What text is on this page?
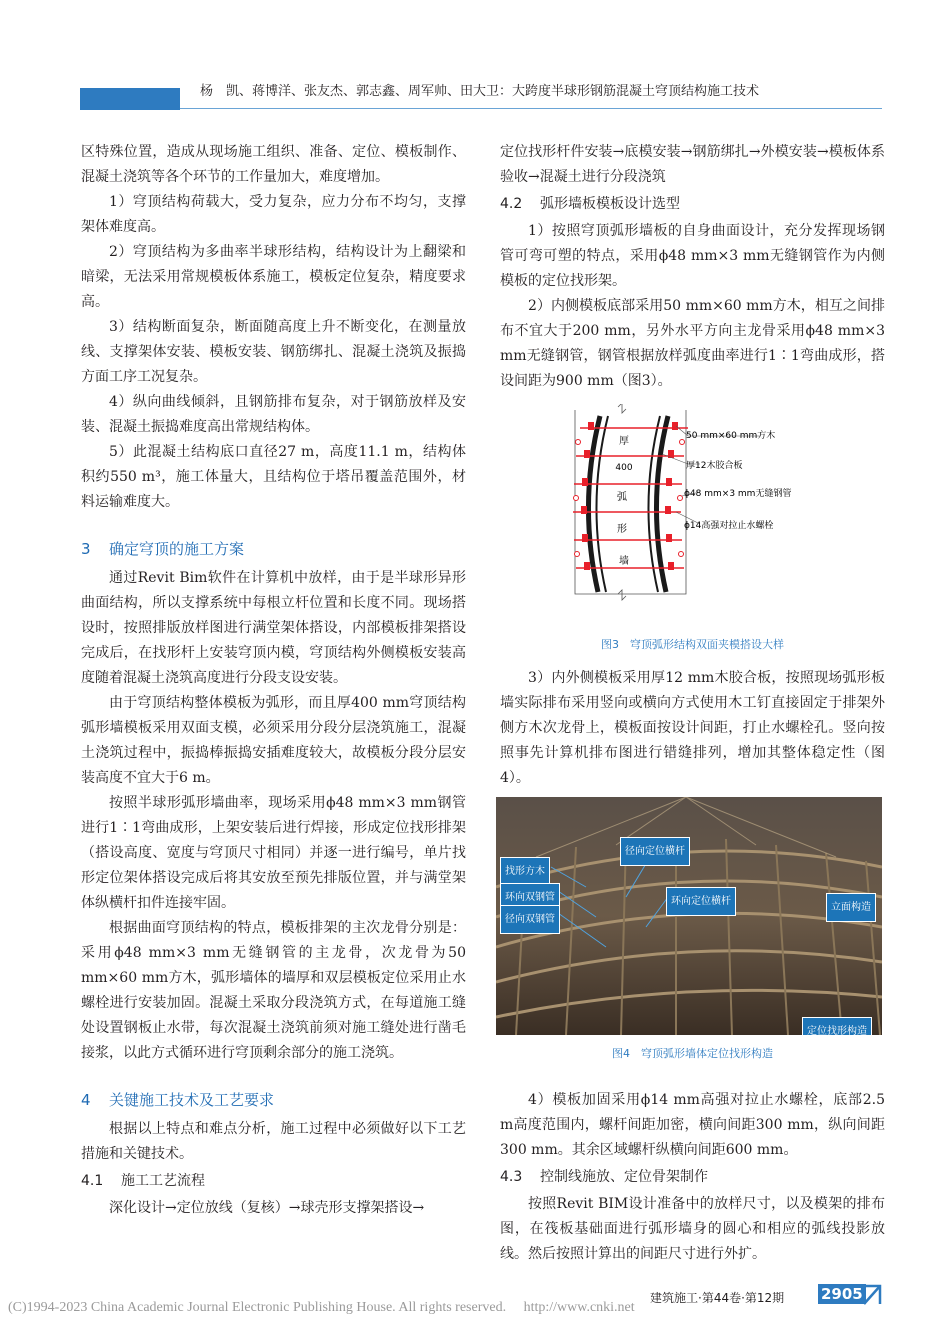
杨　凯、蒋博洋、张友杰、郭志鑫、周军帅、田大卫：大跨度半球形钢筋混凝土穹顶结构施工技术

区特殊位置，造成从现场施工组织、准备、定位、模板制作、混凝土浇筑等各个环节的工作量加大，难度增加。

1）穹顶结构荷载大，受力复杂，应力分布不均匀，支撑架体难度高。

2）穹顶结构为多曲率半球形结构，结构设计为上翻梁和暗梁，无法采用常规模板体系施工，模板定位复杂，精度要求高。

3）结构断面复杂，断面随高度上升不断变化，在测量放线、支撑架体安装、模板安装、钢筋绑扎、混凝土浇筑及振捣方面工序工况复杂。

4）纵向曲线倾斜，且钢筋排布复杂，对于钢筋放样及安装、混凝土振捣难度高出常规结构体。

5）此混凝土结构底口直径27 m，高度11.1 m，结构体积约550 m³，施工体量大，且结构位于塔吊覆盖范围外，材料运输难度大。

3 确定穹顶的施工方案

通过Revit Bim软件在计算机中放样，由于是半球形异形曲面结构，所以支撑系统中每根立杆位置和长度不同。现场搭设时，按照排版放样图进行满堂架体搭设，内部模板排架搭设完成后，在找形杆上安装穹顶内模，穹顶结构外侧模板安装高度随着混凝土浇筑高度进行分段支设安装。

由于穹顶结构整体模板为弧形，而且厚400 mm穹顶结构弧形墙模板采用双面支模，必须采用分段分层浇筑施工，混凝土浇筑过程中，振捣棒振捣安插难度较大，故模板分段分层安装高度不宜大于6 m。

按照半球形弧形墙曲率，现场采用ϕ48 mm×3 mm钢管进行1∶1弯曲成形，上架安装后进行焊接，形成定位找形排架（搭设高度、宽度与穹顶尺寸相同）并逐一进行编号，单片找形定位架体搭设完成后将其安放至预先排版位置，并与满堂架体纵横杆扣件连接牢固。

根据曲面穹顶结构的特点，模板排架的主次龙骨分别是：采用ϕ48 mm×3 mm无缝钢管的主龙骨，次龙骨为50 mm×60 mm方木，弧形墙体的墙厚和双层模板定位采用止水螺栓进行安装加固。混凝土采取分段浇筑方式，在每道施工缝处设置钢板止水带，每次混凝土浇筑前须对施工缝处进行凿毛接浆，以此方式循环进行穹顶剩余部分的施工浇筑。

4 关键施工技术及工艺要求

根据以上特点和难点分析，施工过程中必须做好以下工艺措施和关键技术。

4.1 施工工艺流程

深化设计→定位放线（复核）→球壳形支撑架搭设→

定位找形杆件安装→底模安装→钢筋绑扎→外模安装→模板体系验收→混凝土进行分段浇筑

4.2 弧形墙板模板设计选型

1）按照穹顶弧形墙板的自身曲面设计，充分发挥现场钢管可弯可塑的特点，采用ϕ48 mm×3 mm无缝钢管作为内侧模板的定位找形架。

2）内侧模板底部采用50 mm×60 mm方木，相互之间排布不宜大于200 mm，另外水平方向主龙骨采用ϕ48 mm×3 mm无缝钢管，钢管根据放样弧度曲率进行1∶1弯曲成形，搭设间距为900 mm（图3）。

厚
400
弧
形
墙
50 mm×60 mm方木
厚12木胶合板
ϕ48 mm×3 mm无缝钢管
ϕ14高强对拉止水螺栓
图3　穹顶弧形结构双面夹模搭设大样

3）内外侧模板采用厚12 mm木胶合板，按照现场弧形板墙实际排布采用竖向或横向方式使用木工钉直接固定于排架外侧方木次龙骨上，模板面按设计间距，打止水螺栓孔。竖向按照事先计算机排布图进行错缝排列，增加其整体稳定性（图4）。

径向定位横杆
找形方木
环向双钢管	环向定位横杆
立面构造
径向双钢管
定位找形构造
图4　穹顶弧形墙体定位找形构造

4）模板加固采用ϕ14 mm高强对拉止水螺栓，底部2.5 m高度范围内，螺杆间距加密，横向间距300 mm，纵向间距300 mm。其余区域螺杆纵横向间距600 mm。

4.3 控制线施放、定位骨架制作

按照Revit BIM设计准备中的放样尺寸，以及模架的排布图，在筏板基础面进行弧形墙身的圆心和相应的弧线投影放线。然后按照计算出的间距尺寸进行外扩。

建筑施工·第44卷·第12期 2905
(C)1994-2023 China Academic Journal Electronic Publishing House. All rights reserved.　 http://www.cnki.net
